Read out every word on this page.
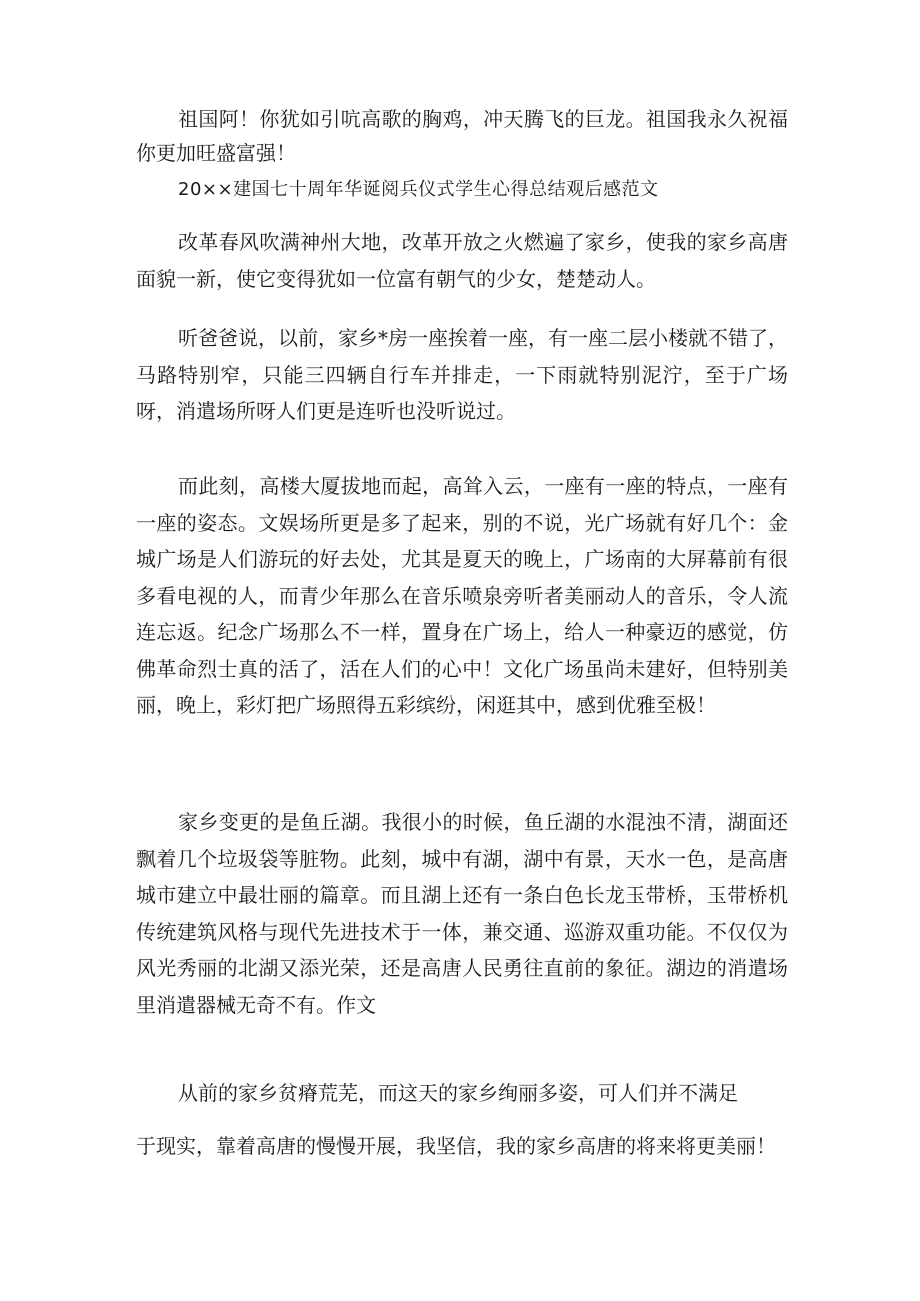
祖国阿！你犹如引吭高歌的胸鸡，冲天腾飞的巨龙。祖国我永久祝福你更加旺盛富强！

20××建国七十周年华诞阅兵仪式学生心得总结观后感范文

改革春风吹满神州大地，改革开放之火燃遍了家乡，使我的家乡高唐面貌一新，使它变得犹如一位富有朝气的少女，楚楚动人。

听爸爸说，以前，家乡*房一座挨着一座，有一座二层小楼就不错了，马路特别窄，只能三四辆自行车并排走，一下雨就特别泥泞，至于广场呀，消遣场所呀人们更是连听也没听说过。

而此刻，高楼大厦拔地而起，高耸入云，一座有一座的特点，一座有一座的姿态。文娱场所更是多了起来，别的不说，光广场就有好几个：金城广场是人们游玩的好去处，尤其是夏天的晚上，广场南的大屏幕前有很多看电视的人，而青少年那么在音乐喷泉旁听者美丽动人的音乐，令人流连忘返。纪念广场那么不一样，置身在广场上，给人一种豪迈的感觉，仿佛革命烈士真的活了，活在人们的心中！文化广场虽尚未建好，但特别美丽，晚上，彩灯把广场照得五彩缤纷，闲逛其中，感到优雅至极！

家乡变更的是鱼丘湖。我很小的时候，鱼丘湖的水混浊不清，湖面还飘着几个垃圾袋等脏物。此刻，城中有湖，湖中有景，天水一色，是高唐城市建立中最壮丽的篇章。而且湖上还有一条白色长龙玉带桥，玉带桥机传统建筑风格与现代先进技术于一体，兼交通、巡游双重功能。不仅仅为风光秀丽的北湖又添光荣，还是高唐人民勇往直前的象征。湖边的消遣场里消遣器械无奇不有。作文

从前的家乡贫瘠荒芜，而这天的家乡绚丽多姿，可人们并不满足

于现实，靠着高唐的慢慢开展，我坚信，我的家乡高唐的将来将更美丽！
